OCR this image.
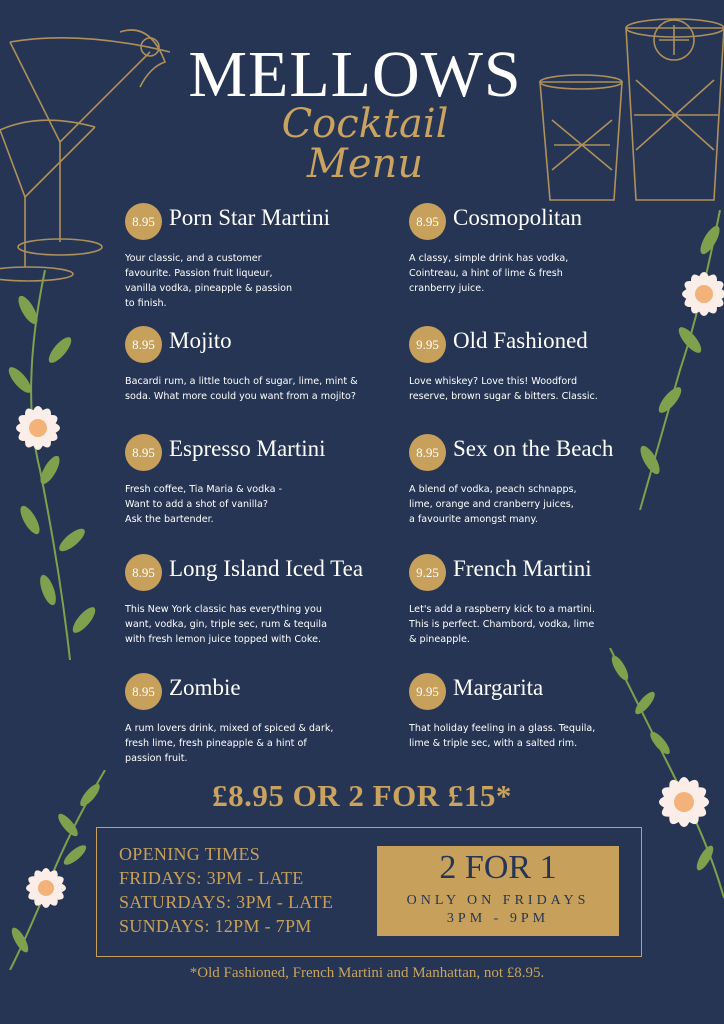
MELLOWS
Cocktail Menu
8.95 Porn Star Martini
Your classic, and a customer
favourite. Passion fruit liqueur,
vanilla vodka, pineapple & passion
to finish.
8.95 Mojito
Bacardi rum, a little touch of sugar, lime, mint &
soda. What more could you want from a mojito?
8.95 Espresso Martini
Fresh coffee, Tia Maria & vodka -
Want to add a shot of vanilla?
Ask the bartender.
8.95 Long Island Iced Tea
This New York classic has everything you
want, vodka, gin, triple sec, rum & tequila
with fresh lemon juice topped with Coke.
8.95 Zombie
A rum lovers drink, mixed of spiced & dark,
fresh lime, fresh pineapple & a hint of
passion fruit.
8.95 Cosmopolitan
A classy, simple drink has vodka,
Cointreau, a hint of lime & fresh
cranberry juice.
9.95 Old Fashioned
Love whiskey? Love this! Woodford
reserve, brown sugar & bitters. Classic.
8.95 Sex on the Beach
A blend of vodka, peach schnapps,
lime, orange and cranberry juices,
a favourite amongst many.
9.25 French Martini
Let's add a raspberry kick to a martini.
This is perfect. Chambord, vodka, lime
& pineapple.
9.95 Margarita
That holiday feeling in a glass. Tequila,
lime & triple sec, with a salted rim.
£8.95 OR 2 FOR £15*
OPENING TIMES
FRIDAYS: 3PM - LATE
SATURDAYS: 3PM - LATE
SUNDAYS: 12PM - 7PM
2 FOR 1
ONLY ON FRIDAYS
3PM - 9PM
*Old Fashioned, French Martini and Manhattan, not £8.95.
